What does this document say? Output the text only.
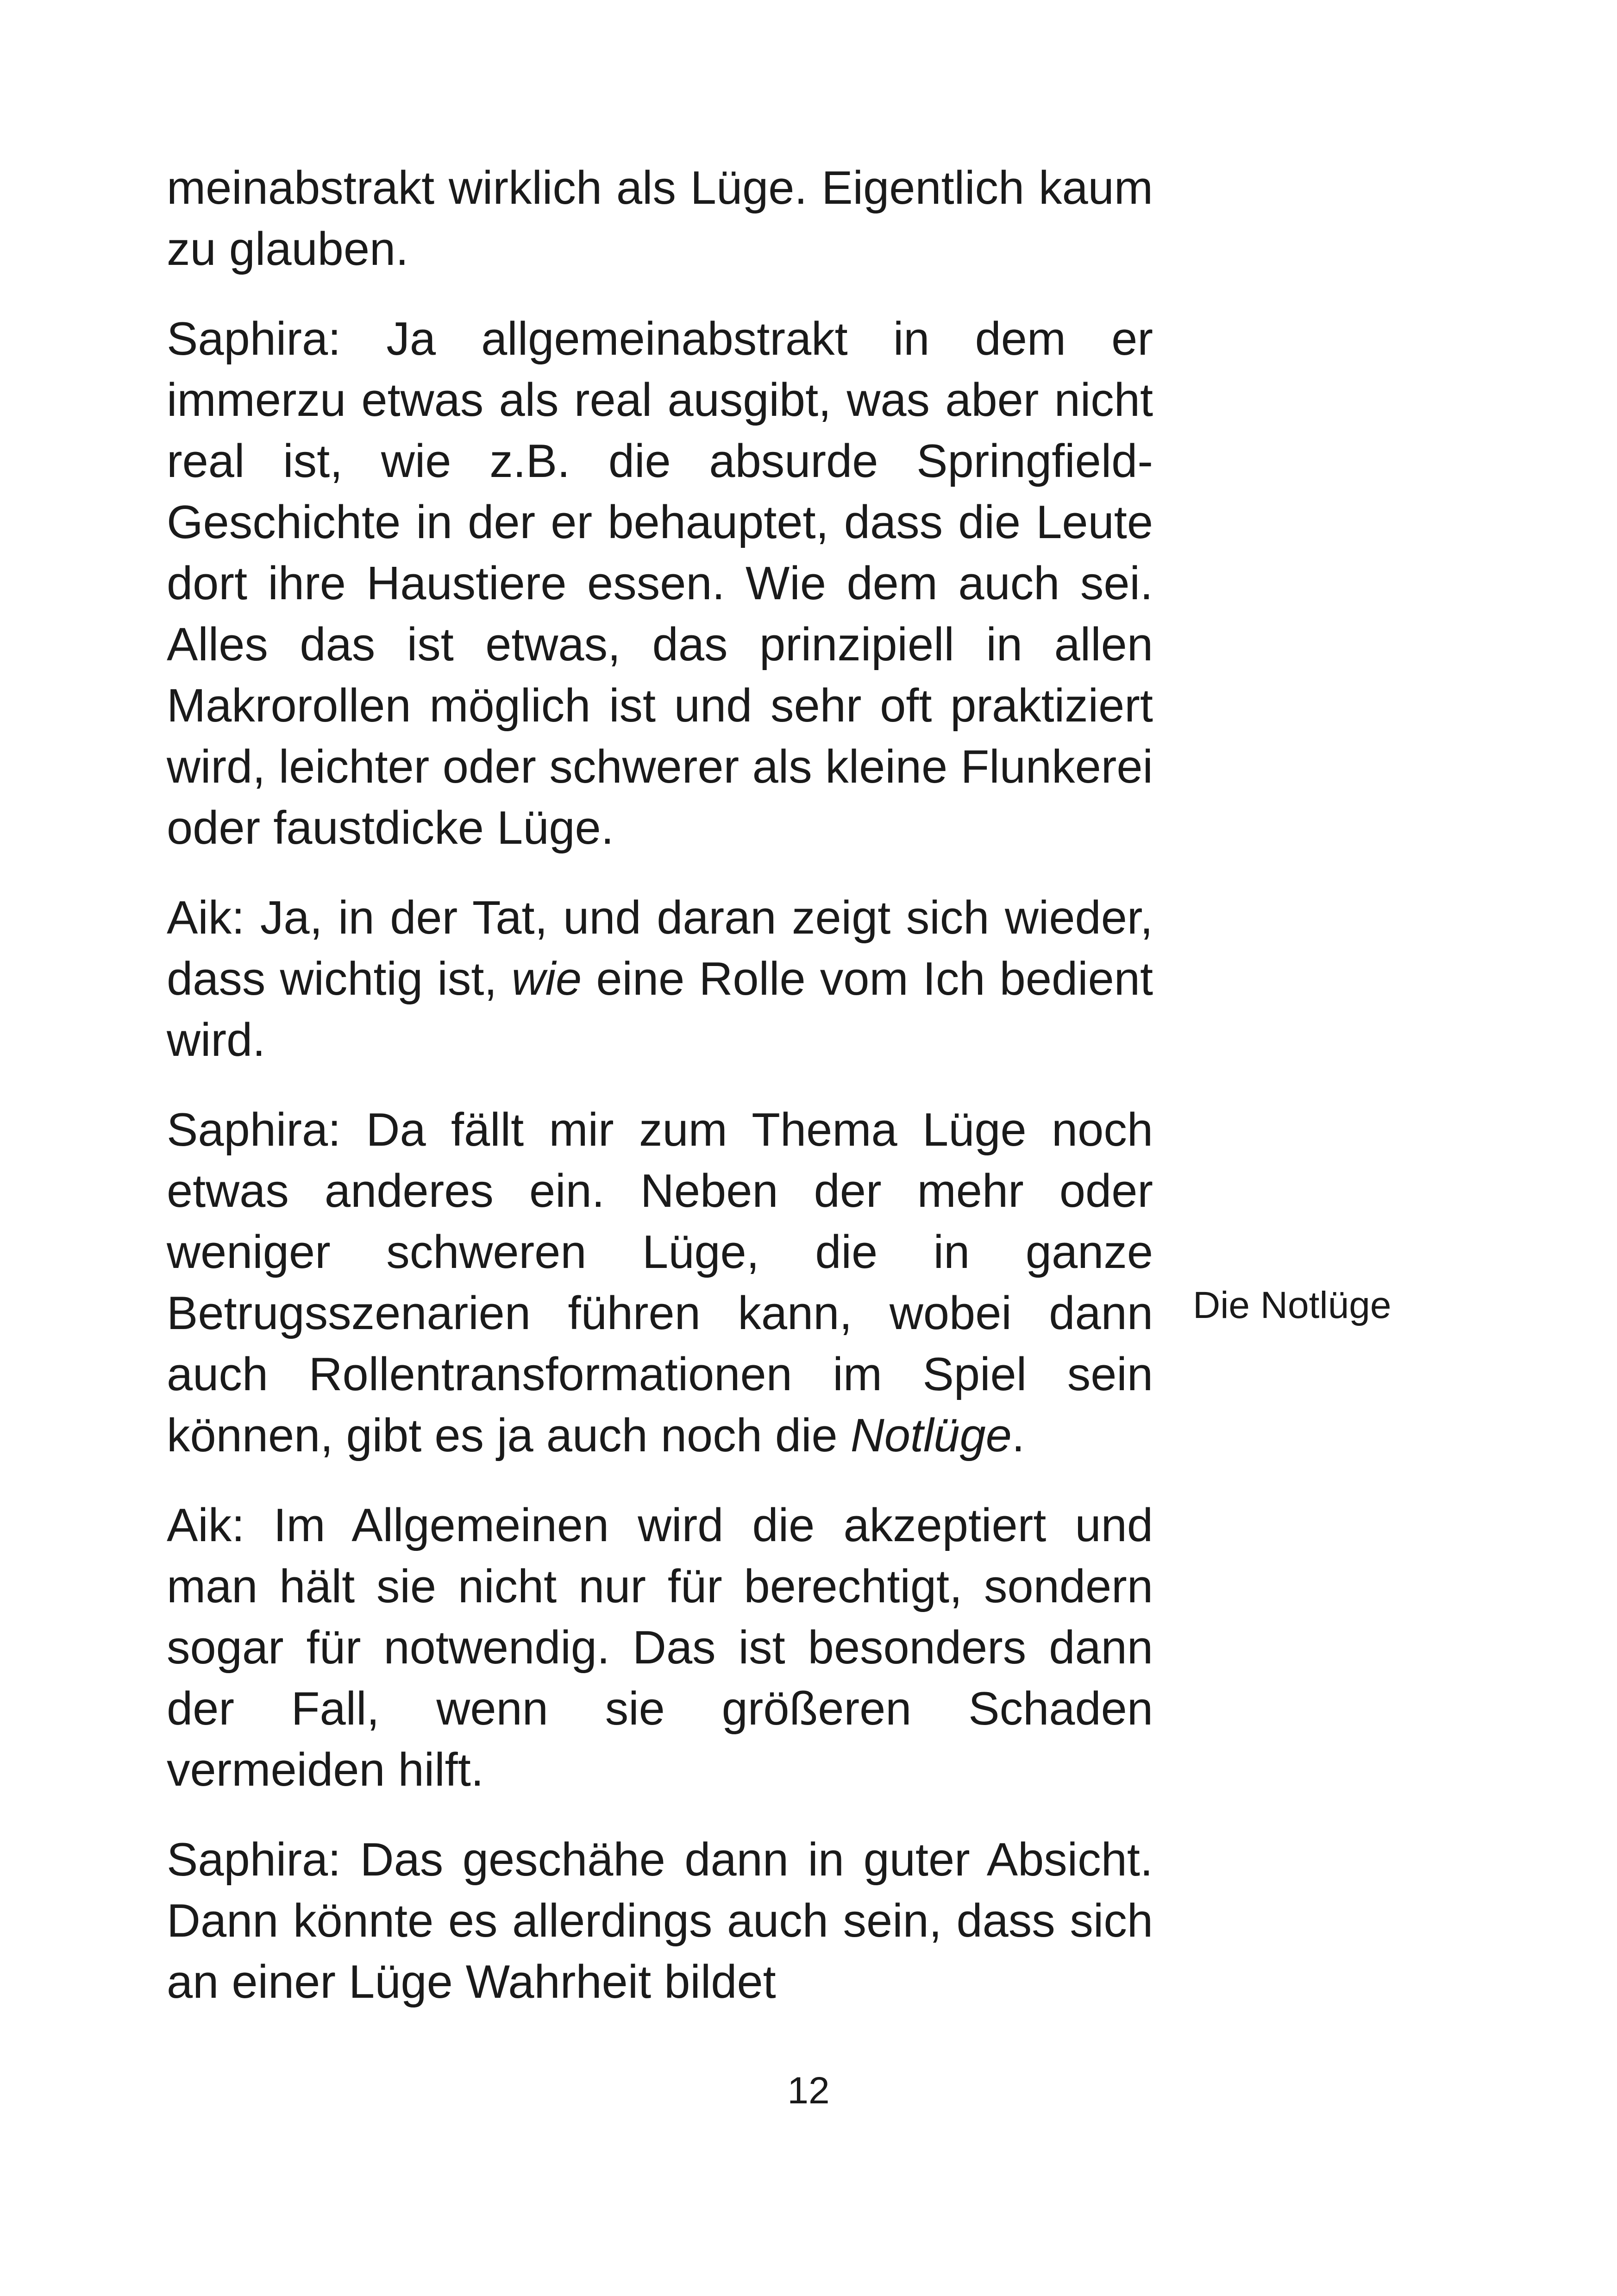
meinabstrakt wirklich als Lüge. Eigentlich kaum zu glauben.

Saphira: Ja allgemeinabstrakt in dem er immerzu etwas als real ausgibt, was aber nicht real ist, wie z.B. die absurde Springfield-Geschichte in der er behauptet, dass die Leute dort ihre Haustiere essen. Wie dem auch sei. Alles das ist etwas, das prinzipiell in allen Makrorollen möglich ist und sehr oft praktiziert wird, leichter oder schwerer als kleine Flunkerei oder faustdicke Lüge.

Aik: Ja, in der Tat, und daran zeigt sich wieder, dass wichtig ist, wie eine Rolle vom Ich bedient wird.

Saphira: Da fällt mir zum Thema Lüge noch etwas anderes ein. Neben der mehr oder weniger schweren Lüge, die in ganze Betrugsszenarien führen kann, wobei dann auch Rollentransformationen im Spiel sein können, gibt es ja auch noch die Notlüge.

Aik: Im Allgemeinen wird die akzeptiert und man hält sie nicht nur für berechtigt, sondern sogar für notwendig. Das ist besonders dann der Fall, wenn sie größeren Schaden vermeiden hilft.

Saphira: Das geschähe dann in guter Absicht. Dann könnte es allerdings auch sein, dass sich an einer Lüge Wahrheit bildet

Die Notlüge
12
